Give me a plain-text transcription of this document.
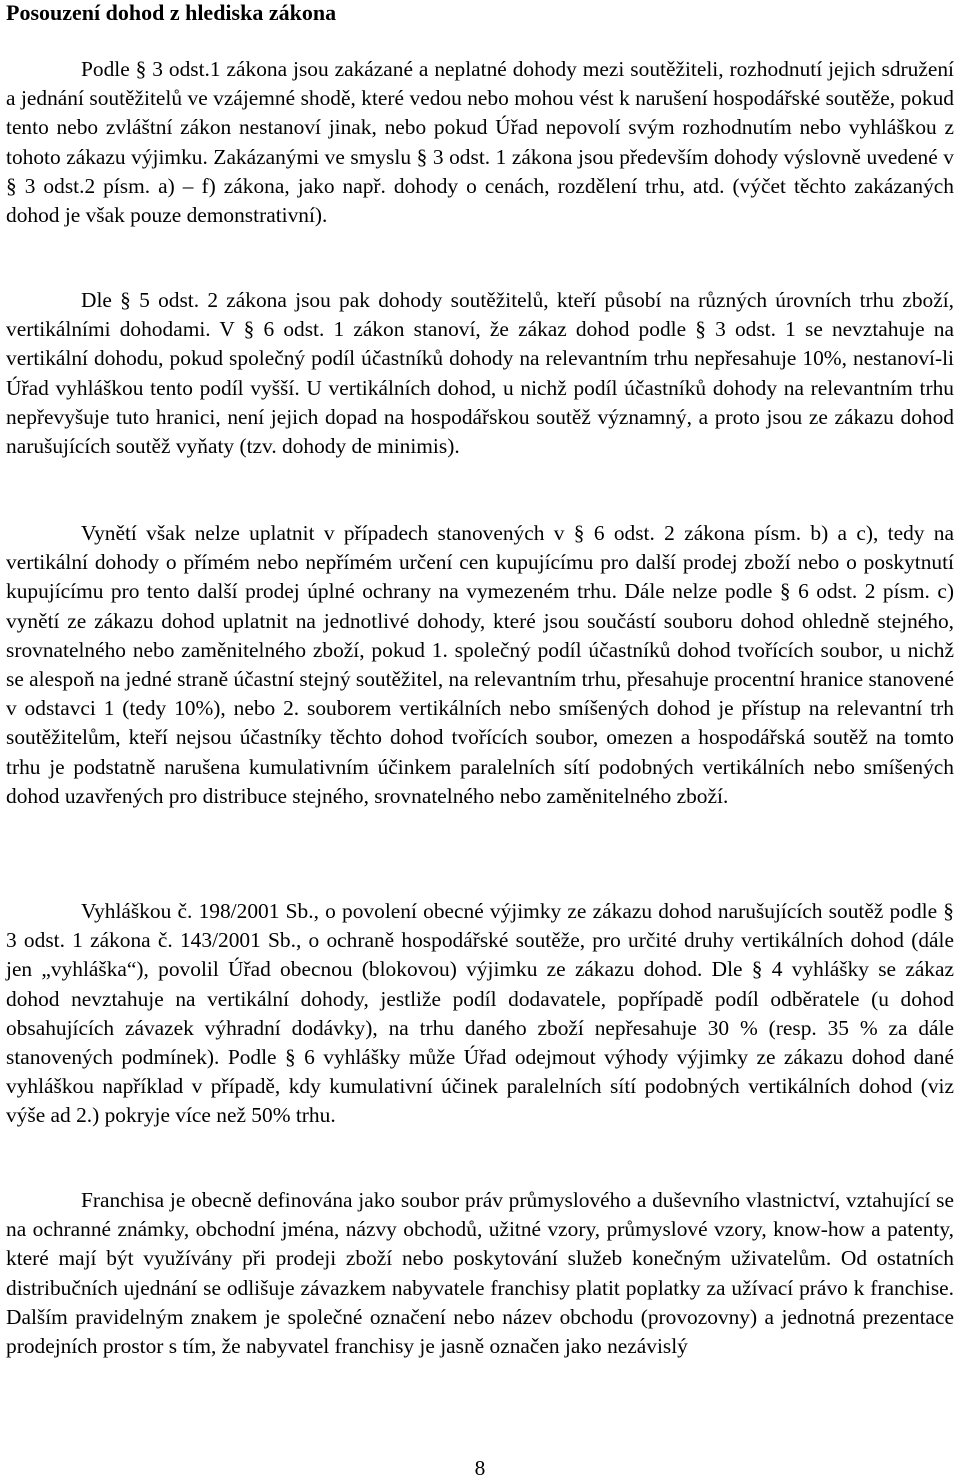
Posouzení dohod z hlediska zákona

Podle § 3 odst.1 zákona jsou zakázané a neplatné dohody mezi soutěžiteli, rozhodnutí jejich sdružení a jednání soutěžitelů ve vzájemné shodě, které vedou nebo mohou vést k narušení hospodářské soutěže, pokud tento nebo zvláštní zákon nestanoví jinak, nebo pokud Úřad nepovolí svým rozhodnutím nebo vyhláškou z tohoto zákazu výjimku. Zakázanými ve smyslu § 3 odst. 1 zákona jsou především dohody výslovně uvedené v § 3 odst.2 písm. a) – f) zákona, jako např. dohody o cenách, rozdělení trhu, atd. (výčet těchto zakázaných dohod je však pouze demonstrativní).

Dle § 5 odst. 2 zákona jsou pak dohody soutěžitelů, kteří působí na různých úrovních trhu zboží, vertikálními dohodami. V § 6 odst. 1 zákon stanoví, že zákaz dohod podle § 3 odst. 1 se nevztahuje na vertikální dohodu, pokud společný podíl účastníků dohody na relevantním trhu nepřesahuje 10%, nestanoví-li Úřad vyhláškou tento podíl vyšší. U vertikálních dohod, u nichž podíl účastníků dohody na relevantním trhu nepřevyšuje tuto hranici, není jejich dopad na hospodářskou soutěž významný, a proto jsou ze zákazu dohod narušujících soutěž vyňaty (tzv. dohody de minimis).

Vynětí však nelze uplatnit v případech stanovených v § 6 odst. 2 zákona písm. b) a c), tedy na vertikální dohody o přímém nebo nepřímém určení cen kupujícímu pro další prodej zboží nebo o poskytnutí kupujícímu pro tento další prodej úplné ochrany na vymezeném trhu. Dále nelze podle § 6 odst. 2 písm. c) vynětí ze zákazu dohod uplatnit na jednotlivé dohody, které jsou součástí souboru dohod ohledně stejného, srovnatelného nebo zaměnitelného zboží, pokud 1. společný podíl účastníků dohod tvořících soubor, u nichž se alespoň na jedné straně účastní stejný soutěžitel, na relevantním trhu, přesahuje procentní hranice stanovené v odstavci 1 (tedy 10%), nebo 2. souborem vertikálních nebo smíšených dohod je přístup na relevantní trh soutěžitelům, kteří nejsou účastníky těchto dohod tvořících soubor, omezen a hospodářská soutěž na tomto trhu je podstatně narušena kumulativním účinkem paralelních sítí podobných vertikálních nebo smíšených dohod uzavřených pro distribuce stejného, srovnatelného nebo zaměnitelného zboží.

Vyhláškou č. 198/2001 Sb., o povolení obecné výjimky ze zákazu dohod narušujících soutěž podle § 3 odst. 1 zákona č. 143/2001 Sb., o ochraně hospodářské soutěže, pro určité druhy vertikálních dohod (dále jen „vyhláška“), povolil Úřad obecnou (blokovou) výjimku ze zákazu dohod. Dle § 4 vyhlášky se zákaz dohod nevztahuje na vertikální dohody, jestliže podíl dodavatele, popřípadě podíl odběratele (u dohod obsahujících závazek výhradní dodávky), na trhu daného zboží nepřesahuje 30 % (resp. 35 % za dále stanovených podmínek). Podle § 6 vyhlášky může Úřad odejmout výhody výjimky ze zákazu dohod dané vyhláškou například v případě, kdy kumulativní účinek paralelních sítí podobných vertikálních dohod (viz výše ad 2.) pokryje více než 50% trhu.

Franchisa je obecně definována jako soubor práv průmyslového a duševního vlastnictví, vztahující se na ochranné známky, obchodní jména, názvy obchodů, užitné vzory, průmyslové vzory, know-how a patenty, které mají být využívány při prodeji zboží nebo poskytování služeb konečným uživatelům. Od ostatních distribučních ujednání se odlišuje závazkem nabyvatele franchisy platit poplatky za užívací právo k franchise. Dalším pravidelným znakem je společné označení nebo název obchodu (provozovny) a jednotná prezentace prodejních prostor s tím, že nabyvatel franchisy je jasně označen jako nezávislý

8
